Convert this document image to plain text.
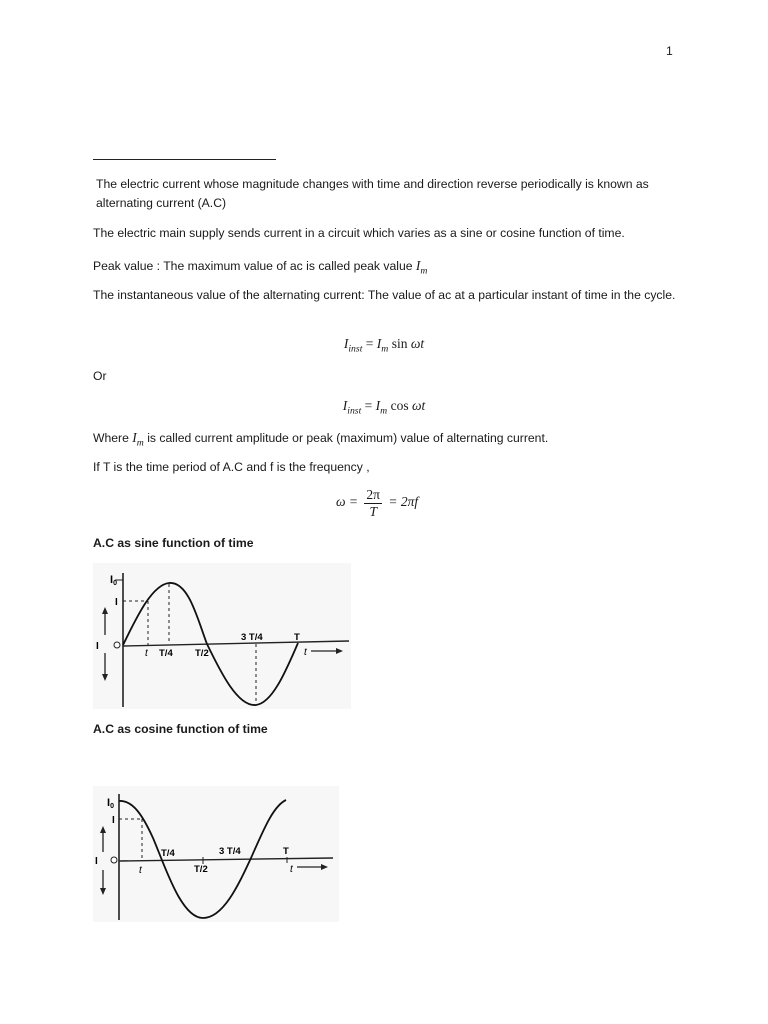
1
The electric current whose magnitude changes with time and direction reverse periodically is known as alternating current (A.C)
The electric main supply sends current in a circuit which varies as a sine or cosine function of time.
Peak value : The maximum value of ac is called peak value $I_m$
The instantaneous value of the alternating current: The value of ac at a particular instant of time in the cycle.
$I_{inst} = I_m$ sin ωt
Or
$I_{inst} = I_m$ cos ωt
Where $I_m$ is called current amplitude or peak (maximum) value of alternating current.
If T is the time period of A.C and f is the frequency ,
$\omega = \frac{2\pi}{T} = 2\pi f$
A.C as sine function of time
I0
I
I
t T/4 T/2
3 T/4	T
t
A.C as cosine function of time
I0
I
I
t
T/4
T/2
3 T/4	T
t
